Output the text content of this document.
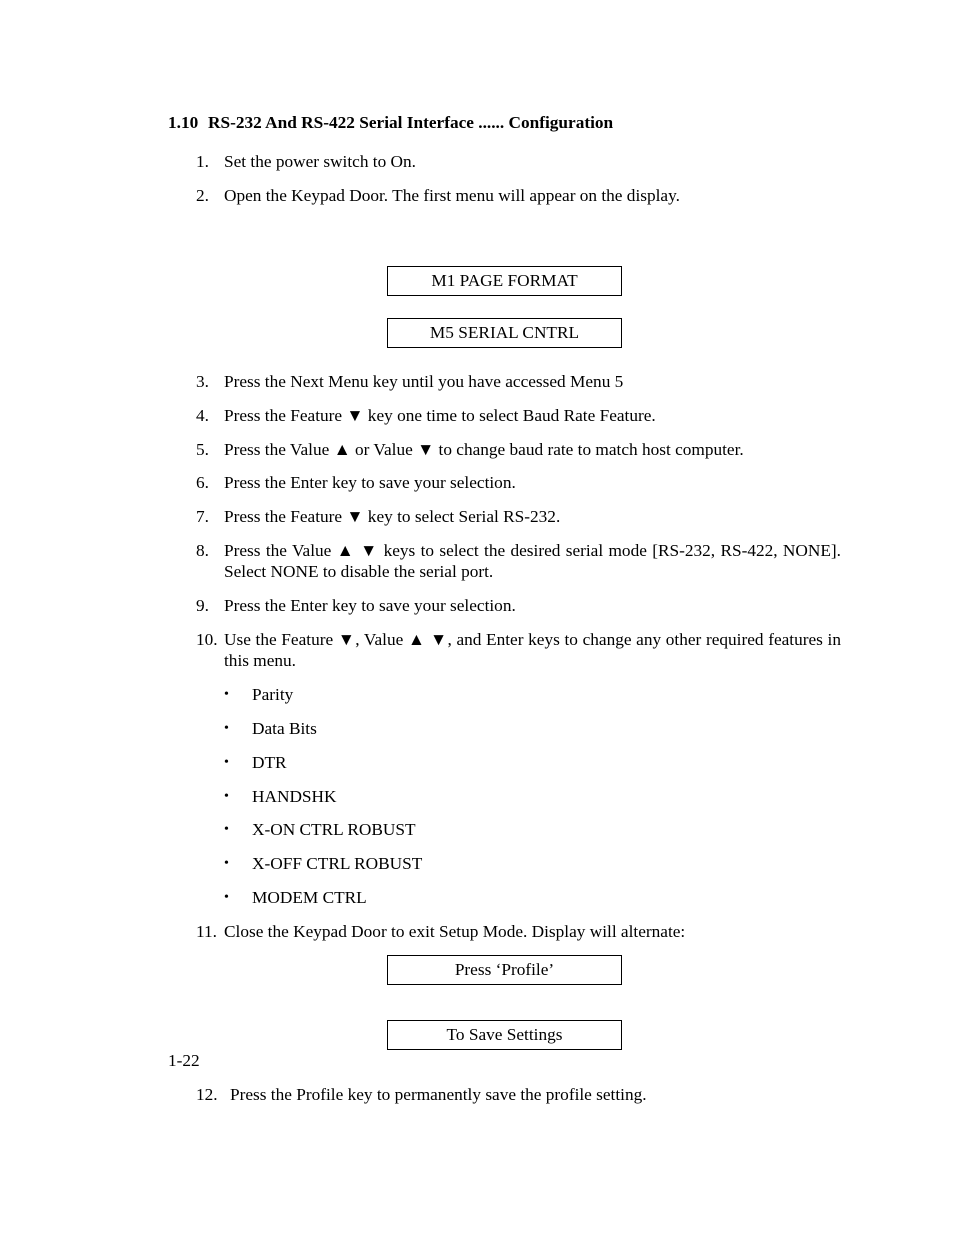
1.10 RS-232 And RS-422 Serial Interface ...... Configuration
1. Set the power switch to On.
2. Open the Keypad Door. The first menu will appear on the display.
M1 PAGE FORMAT
M5 SERIAL CNTRL
3. Press the Next Menu key until you have accessed Menu 5
4. Press the Feature ▼ key one time to select Baud Rate Feature.
5. Press the Value ▲ or Value ▼ to change baud rate to match host computer.
6. Press the Enter key to save your selection.
7. Press the Feature ▼ key to select Serial RS-232.
8. Press the Value ▲ ▼ keys to select the desired serial mode [RS-232, RS-422, NONE]. Select NONE to disable the serial port.
9. Press the Enter key to save your selection.
10. Use the Feature ▼, Value ▲ ▼, and Enter keys to change any other required features in this menu.
• Parity
• Data Bits
• DTR
• HANDSHK
• X-ON CTRL ROBUST
• X-OFF CTRL ROBUST
• MODEM CTRL
11. Close the Keypad Door to exit Setup Mode. Display will alternate:
Press ‘Profile’
To Save Settings
1-22
12. Press the Profile key to permanently save the profile setting.
